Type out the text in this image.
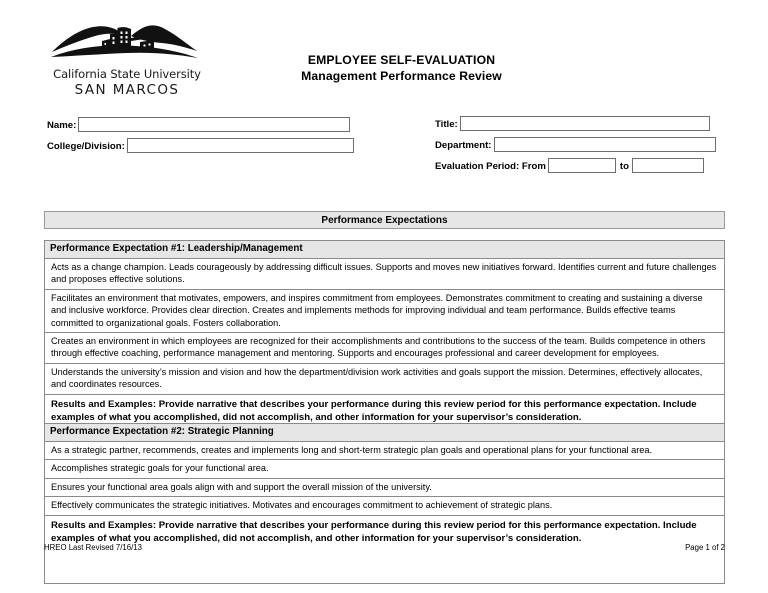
California State University
SAN MARCOS
EMPLOYEE SELF-EVALUATION
Management Performance Review
Name:
College/Division:
Title:
Department:
Evaluation Period: From	to
Performance Expectations
Performance Expectation #1: Leadership/Management
Acts as a change champion. Leads courageously by addressing difficult issues. Supports and moves new initiatives forward. Identifies current and future challenges and proposes effective solutions.
Facilitates an environment that motivates, empowers, and inspires commitment from employees. Demonstrates commitment to creating and sustaining a diverse and inclusive workforce. Provides clear direction. Creates and implements methods for improving individual and team performance. Builds effective teams committed to organizational goals. Fosters collaboration.
Creates an environment in which employees are recognized for their accomplishments and contributions to the success of the team. Builds competence in others through effective coaching, performance management and mentoring. Supports and encourages professional and career development for employees.
Understands the university’s mission and vision and how the department/division work activities and goals support the mission. Determines, effectively allocates, and coordinates resources.
Results and Examples: Provide narrative that describes your performance during this review period for this performance expectation. Include examples of what you accomplished, did not accomplish, and other information for your supervisor’s consideration.
Performance Expectation #2: Strategic Planning
As a strategic partner, recommends, creates and implements long and short-term strategic plan goals and operational plans for your functional area.
Accomplishes strategic goals for your functional area.
Ensures your functional area goals align with and support the overall mission of the university.
Effectively communicates the strategic initiatives. Motivates and encourages commitment to achievement of strategic plans.
Results and Examples: Provide narrative that describes your performance during this review period for this performance expectation. Include examples of what you accomplished, did not accomplish, and other information for your supervisor’s consideration.
HREO Last Revised 7/16/13	Page 1 of 2
